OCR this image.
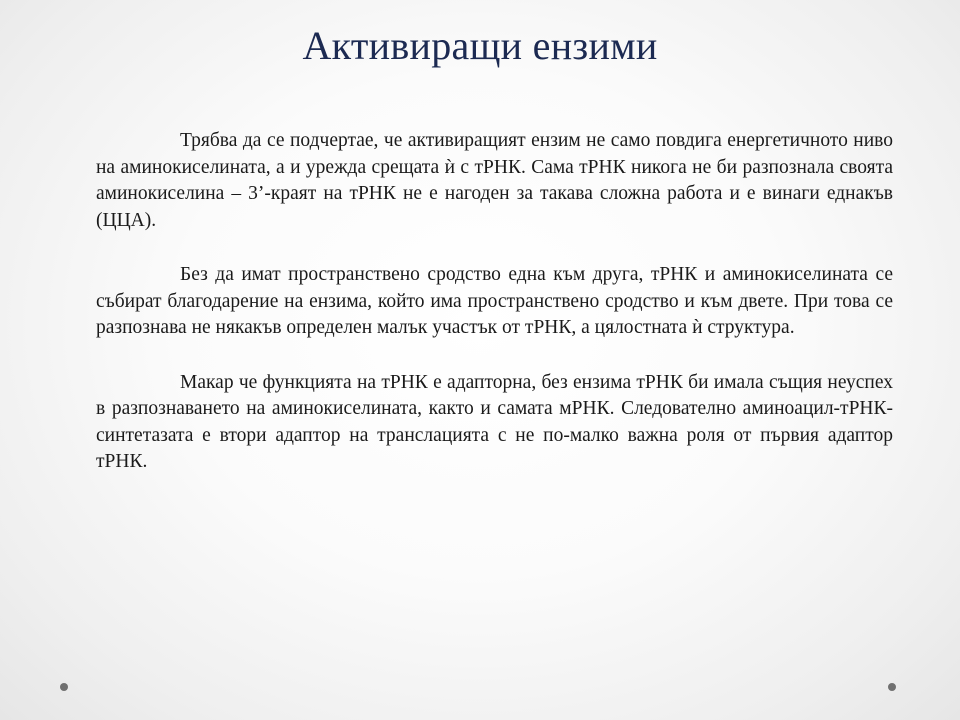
Активиращи ензими

Трябва да се подчертае, че активиращият ензим не само повдига енергетичното ниво на аминокиселината, а и урежда срещата ѝ с тРНК. Сама тРНК никога не би разпознала своята аминокиселина – 3’-краят на тРНК не е нагоден за такава сложна работа и е винаги еднакъв (ЦЦА).

Без да имат пространствено сродство една към друга, тРНК и аминокиселината се събират благодарение на ензима, който има пространствено сродство и към двете. При това се разпознава не някакъв определен малък участък от тРНК, а цялостната ѝ структура.

Макар че функцията на тРНК е адапторна, без ензима тРНК би имала същия неуспех в разпознаването на аминокиселината, както и самата мРНК. Следователно аминоацил-тРНК-синтетазата е втори адаптор на транслацията с не по-малко важна роля от първия адаптор тРНК.
